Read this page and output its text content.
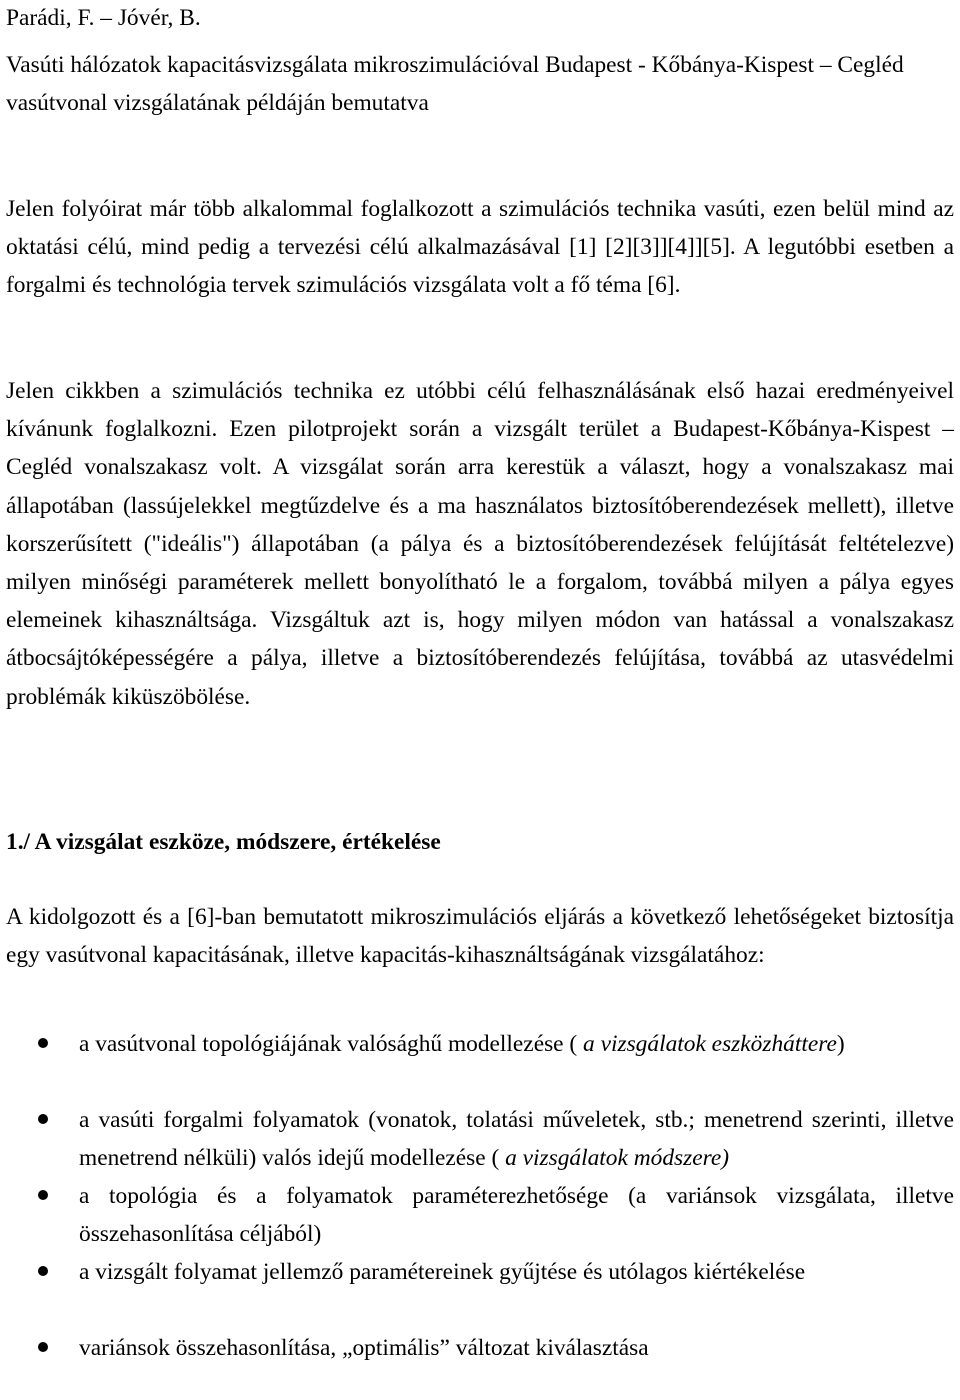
Parádi, F. – Jóvér, B.

Vasúti hálózatok kapacitásvizsgálata mikroszimulációval Budapest - Kőbánya-Kispest – Cegléd vasútvonal vizsgálatának példáján bemutatva

Jelen folyóirat már több alkalommal foglalkozott a szimulációs technika vasúti, ezen belül mind az oktatási célú, mind pedig a tervezési célú alkalmazásával [1] [2][3]][4]][5]. A legutóbbi esetben a forgalmi és technológia tervek szimulációs vizsgálata volt a fő téma [6].

Jelen cikkben a szimulációs technika ez utóbbi célú felhasználásának első hazai eredményeivel kívánunk foglalkozni. Ezen pilotprojekt során a vizsgált terület a Budapest-Kőbánya-Kispest – Cegléd vonalszakasz volt. A vizsgálat során arra kerestük a választ, hogy a vonalszakasz mai állapotában (lassújelekkel megtűzdelve és a ma használatos biztosítóberendezések mellett), illetve korszerűsített ("ideális") állapotában (a pálya és a biztosítóberendezések felújítását feltételezve) milyen minőségi paraméterek mellett bonyolítható le a forgalom, továbbá milyen a pálya egyes elemeinek kihasználtsága. Vizsgáltuk azt is, hogy milyen módon van hatással a vonalszakasz átbocsájtóképességére a pálya, illetve a biztosítóberendezés felújítása, továbbá az utasvédelmi problémák kiküszöbölése.

1./ A vizsgálat eszköze, módszere, értékelése

A kidolgozott és a [6]-ban bemutatott mikroszimulációs eljárás a következő lehetőségeket biztosítja egy vasútvonal kapacitásának, illetve kapacitás-kihasználtságának vizsgálatához:

a vasútvonal topológiájának valósághű modellezése ( a vizsgálatok eszközháttere)
a vasúti forgalmi folyamatok (vonatok, tolatási műveletek, stb.; menetrend szerinti, illetve menetrend nélküli) valós idejű modellezése ( a vizsgálatok módszere)
a topológia és a folyamatok paraméterezhetősége (a variánsok vizsgálata, illetve összehasonlítása céljából)
a vizsgált folyamat jellemző paramétereinek gyűjtése és utólagos kiértékelése
variánsok összehasonlítása, „optimális” változat kiválasztása
